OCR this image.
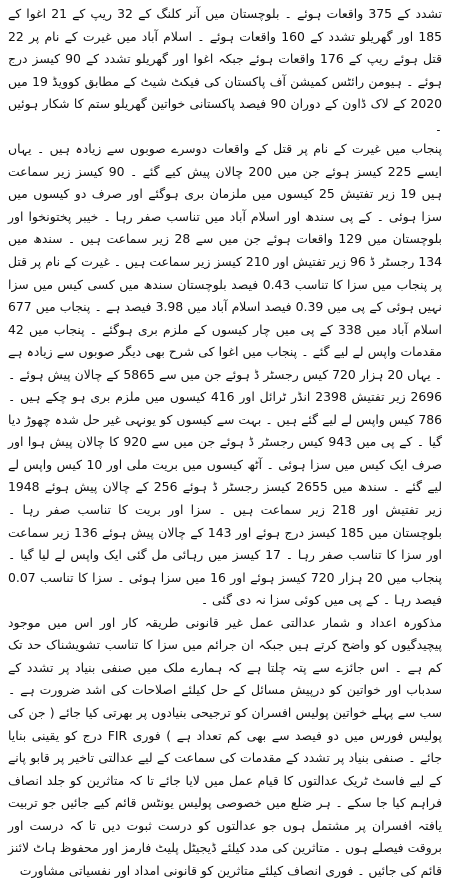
تشدد کے 375 واقعات ہوئے ۔ بلوچستان میں آنر کلنگ کے 32 ریپ کے 21 اغوا کے 185 اور گھریلو تشدد کے 160 واقعات ہوئے ۔ اسلام آباد میں غیرت کے نام پر 22 قتل ہوئے ریپ کے 176 واقعات ہوئے جبکہ اغوا اور گھریلو تشدد کے 90 کیسز درج ہوئے ۔ ہیومن رائٹس کمیشن آف پاکستان کی فیکٹ شیٹ کے مطابق کوویڈ 19 میں 2020 کے لاک ڈاون کے دوران 90 فیصد پاکستانی خواتین گھریلو ستم کا شکار ہوئیں ۔

پنجاب میں غیرت کے نام پر قتل کے واقعات دوسرے صوبوں سے زیادہ ہیں ۔ یہاں ایسے 225 کیسز ہوئے جن میں 200 چالان پیش کیے گئے ۔ 90 کیسز زیر سماعت ہیں 19 زیر تفتیش 25 کیسوں میں ملزمان بری ہوگئے اور صرف دو کیسوں میں سزا ہوئی ۔ کے پی سندھ اور اسلام آباد میں تناسب صفر رہا ۔ خیبر پختونخوا اور بلوچستان میں 129 واقعات ہوئے جن میں سے 28 زیر سماعت ہیں ۔ سندھ میں 134 رجسٹر ڈ 96 زیر تفتیش اور 210 کیسز زیر سماعت ہیں ۔ غیرت کے نام پر قتل پر پنجاب میں سزا کا تناسب 0.43 فیصد بلوچستان سندھ میں کسی کیس میں سزا نہیں ہوئی کے پی میں 0.39 فیصد اسلام آباد میں 3.98 فیصد ہے ۔ پنجاب میں 677 اسلام آباد میں 338 کے پی میں چار کیسوں کے ملزم بری ہوگئے ۔ پنجاب میں 42 مقدمات واپس لے لیے گئے ۔ پنجاب میں اغوا کی شرح بھی دیگر صوبوں سے زیادہ ہے ۔ یہاں 20 ہزار 720 کیس رجسٹر ڈ ہوئے جن میں سے 5865 کے چالان پیش ہوئے ۔ 2696 زیر تفتیش 2398 انڈر ٹرائل اور 416 کیسوں میں ملزم بری ہو چکے ہیں ۔ 786 کیس واپس لے لیے گئے ہیں ۔ بہت سے کیسوں کو یونہی غیر حل شدہ چھوڑ دیا گیا ۔ کے پی میں 943 کیس رجسٹر ڈ ہوئے جن میں سے 920 کا چالان پیش ہوا اور صرف ایک کیس میں سزا ہوئی ۔ آٹھ کیسوں میں بریت ملی اور 10 کیس واپس لے لیے گئے ۔ سندھ میں 2655 کیسز رجسٹر ڈ ہوئے 256 کے چالان پیش ہوئے 1948 زیر تفتیش اور 218 زیر سماعت ہیں ۔ سزا اور بریت کا تناسب صفر رہا ۔ بلوچستان میں 185 کیسز درج ہوئے اور 143 کے چالان پیش ہوئے 136 زیر سماعت اور سزا کا تناسب صفر رہا ۔ 17 کیسز میں رہائی مل گئی ایک واپس لے لیا گیا ۔ پنجاب میں 20 ہزار 720 کیسز ہوئے اور 16 میں سزا ہوئی ۔ سزا کا تناسب 0.07 فیصد رہا ۔ کے پی میں کوئی سزا نہ دی گئی ۔

مذکورہ اعداد و شمار عدالتی عمل غیر قانونی طریقہ کار اور اس میں موجود پیچیدگیوں کو واضح کرتے ہیں جبکہ ان جرائم میں سزا کا تناسب تشویشناک حد تک کم ہے ۔ اس جائزے سے پتہ چلتا ہے کہ ہمارے ملک میں صنفی بنیاد پر تشدد کے سدباب اور خواتین کو درپیش مسائل کے حل کیلئے اصلاحات کی اشد ضرورت ہے ۔ سب سے پہلے خواتین پولیس افسران کو ترجیحی بنیادوں پر بھرتی کیا جائے ( جن کی پولیس فورس میں دو فیصد سے بھی کم تعداد ہے ) فوری FIR درج کو یقینی بنایا جائے ۔ صنفی بنیاد پر تشدد کے مقدمات کی سماعت کے لیے عدالتی تاخیر پر قابو پانے کے لیے فاسٹ ٹریک عدالتوں کا قیام عمل میں لایا جائے تا کہ متاثرین کو جلد انصاف فراہم کیا جا سکے ۔ ہر ضلع میں خصوصی پولیس یونٹس قائم کیے جائیں جو تربیت یافتہ افسران پر مشتمل ہوں جو عدالتوں کو درست ثبوت دیں تا کہ درست اور بروقت فیصلے ہوں ۔ متاثرین کی مدد کیلئے ڈیجیٹل پلیٹ فارمز اور محفوظ ہاٹ لائنز قائم کی جائیں ۔ فوری انصاف کیلئے متاثرین کو قانونی امداد اور نفسیاتی مشاورت
